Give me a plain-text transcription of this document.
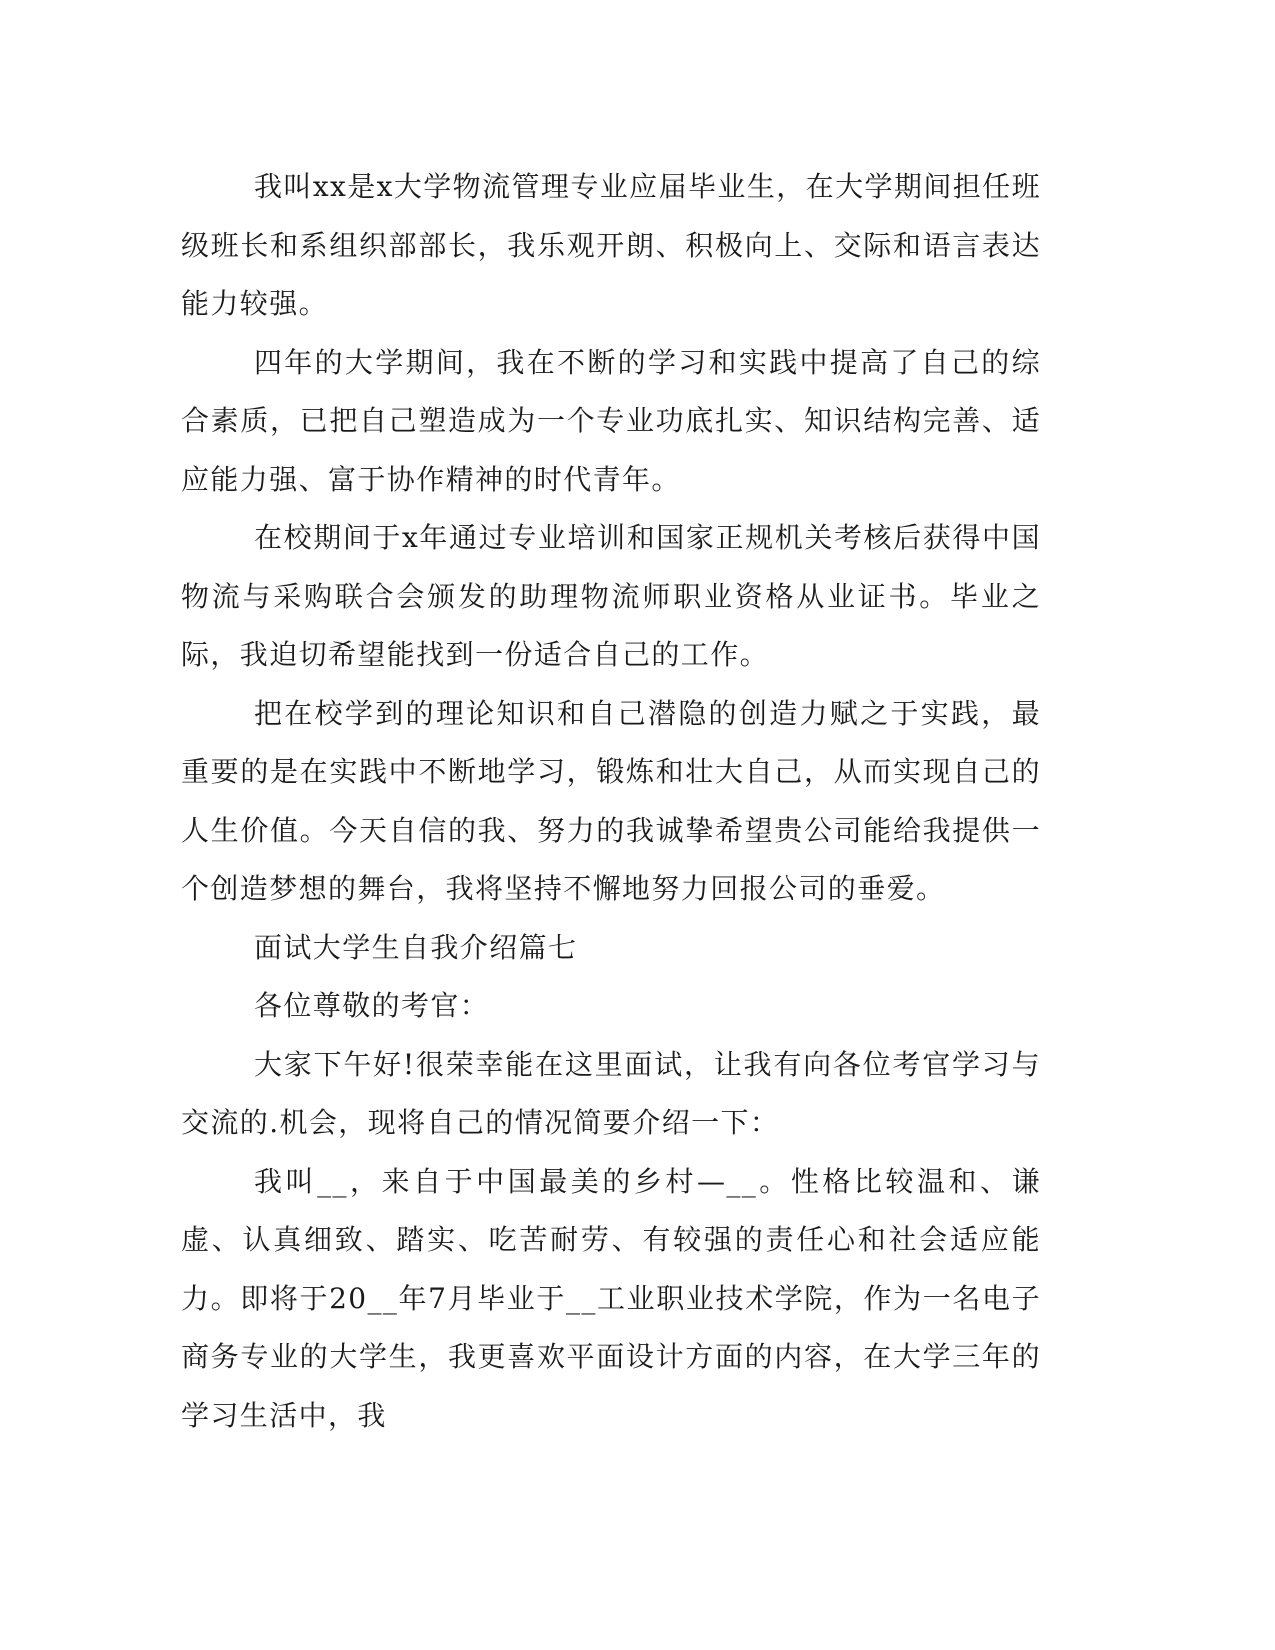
我叫xx是x大学物流管理专业应届毕业生，在大学期间担任班级班长和系组织部部长，我乐观开朗、积极向上、交际和语言表达能力较强。

四年的大学期间，我在不断的学习和实践中提高了自己的综合素质，已把自己塑造成为一个专业功底扎实、知识结构完善、适应能力强、富于协作精神的时代青年。

在校期间于x年通过专业培训和国家正规机关考核后获得中国物流与采购联合会颁发的助理物流师职业资格从业证书。毕业之际，我迫切希望能找到一份适合自己的工作。

把在校学到的理论知识和自己潜隐的创造力赋之于实践，最重要的是在实践中不断地学习，锻炼和壮大自己，从而实现自己的人生价值。今天自信的我、努力的我诚挚希望贵公司能给我提供一个创造梦想的舞台，我将坚持不懈地努力回报公司的垂爱。

面试大学生自我介绍篇七

各位尊敬的考官：

大家下午好!很荣幸能在这里面试，让我有向各位考官学习与交流的.机会，现将自己的情况简要介绍一下：

我叫__，来自于中国最美的乡村—__。性格比较温和、谦虚、认真细致、踏实、吃苦耐劳、有较强的责任心和社会适应能力。即将于20__年7月毕业于__工业职业技术学院，作为一名电子商务专业的大学生，我更喜欢平面设计方面的内容，在大学三年的学习生活中，我
